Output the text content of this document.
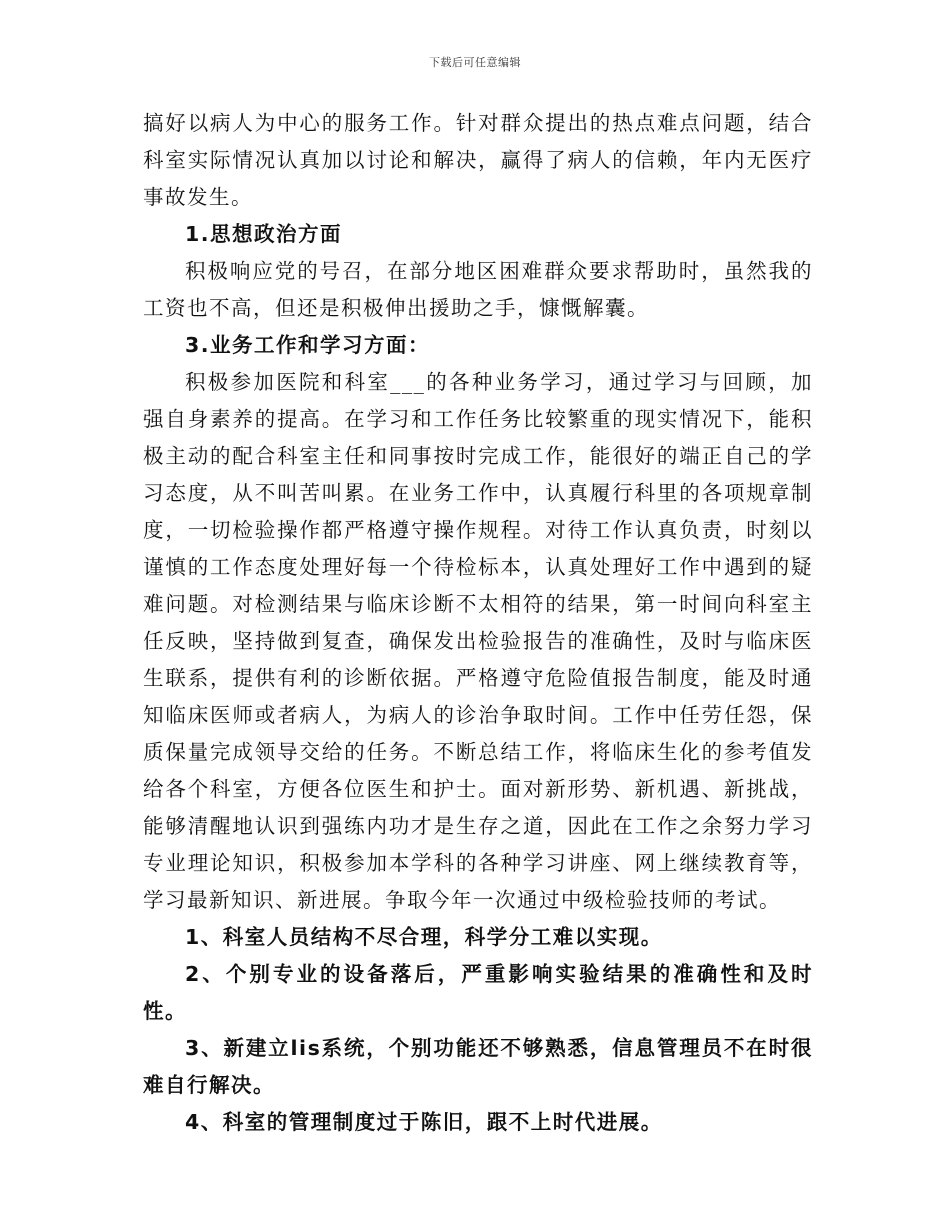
下载后可任意编辑

搞好以病人为中心的服务工作。针对群众提出的热点难点问题，结合科室实际情况认真加以讨论和解决，赢得了病人的信赖，年内无医疗事故发生。

1.思想政治方面

积极响应党的号召，在部分地区困难群众要求帮助时，虽然我的工资也不高，但还是积极伸出援助之手，慷慨解囊。

3.业务工作和学习方面：

积极参加医院和科室___的各种业务学习，通过学习与回顾，加强自身素养的提高。在学习和工作任务比较繁重的现实情况下，能积极主动的配合科室主任和同事按时完成工作，能很好的端正自己的学习态度，从不叫苦叫累。在业务工作中，认真履行科里的各项规章制度，一切检验操作都严格遵守操作规程。对待工作认真负责，时刻以谨慎的工作态度处理好每一个待检标本，认真处理好工作中遇到的疑难问题。对检测结果与临床诊断不太相符的结果，第一时间向科室主任反映，坚持做到复查，确保发出检验报告的准确性，及时与临床医生联系，提供有利的诊断依据。严格遵守危险值报告制度，能及时通知临床医师或者病人，为病人的诊治争取时间。工作中任劳任怨，保质保量完成领导交给的任务。不断总结工作，将临床生化的参考值发给各个科室，方便各位医生和护士。面对新形势、新机遇、新挑战，能够清醒地认识到强练内功才是生存之道，因此在工作之余努力学习专业理论知识，积极参加本学科的各种学习讲座、网上继续教育等，学习最新知识、新进展。争取今年一次通过中级检验技师的考试。

1、科室人员结构不尽合理，科学分工难以实现。

2、个别专业的设备落后，严重影响实验结果的准确性和及时性。

3、新建立lis系统，个别功能还不够熟悉，信息管理员不在时很难自行解决。

4、科室的管理制度过于陈旧，跟不上时代进展。
